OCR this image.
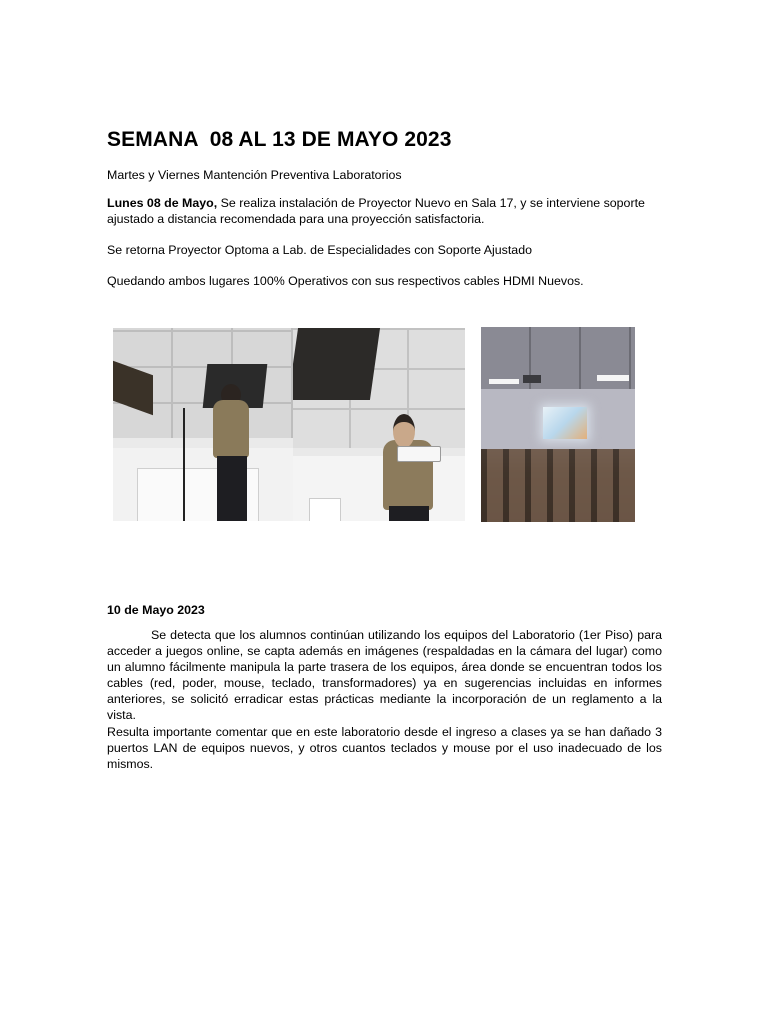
SEMANA  08 AL 13 DE MAYO 2023

Martes y Viernes Mantención Preventiva Laboratorios

Lunes 08 de Mayo, Se realiza instalación de Proyector Nuevo en Sala 17, y se interviene soporte ajustado a distancia recomendada para una proyección satisfactoria.

Se retorna Proyector Optoma a Lab. de Especialidades con Soporte Ajustado

Quedando ambos lugares 100% Operativos con sus respectivos cables HDMI Nuevos.

10 de Mayo 2023

Se detecta que los alumnos continúan utilizando los equipos del Laboratorio (1er Piso) para acceder a juegos online, se capta además en imágenes (respaldadas en la cámara del lugar) como un alumno fácilmente manipula la parte trasera de los equipos, área donde se encuentran todos los cables (red, poder, mouse, teclado, transformadores) ya en sugerencias incluidas en informes anteriores, se solicitó erradicar estas prácticas mediante la incorporación de un reglamento a la vista.

Resulta importante comentar que en este laboratorio desde el ingreso a clases ya se han dañado 3 puertos LAN de equipos nuevos, y otros cuantos teclados y mouse por el uso inadecuado de los mismos.
